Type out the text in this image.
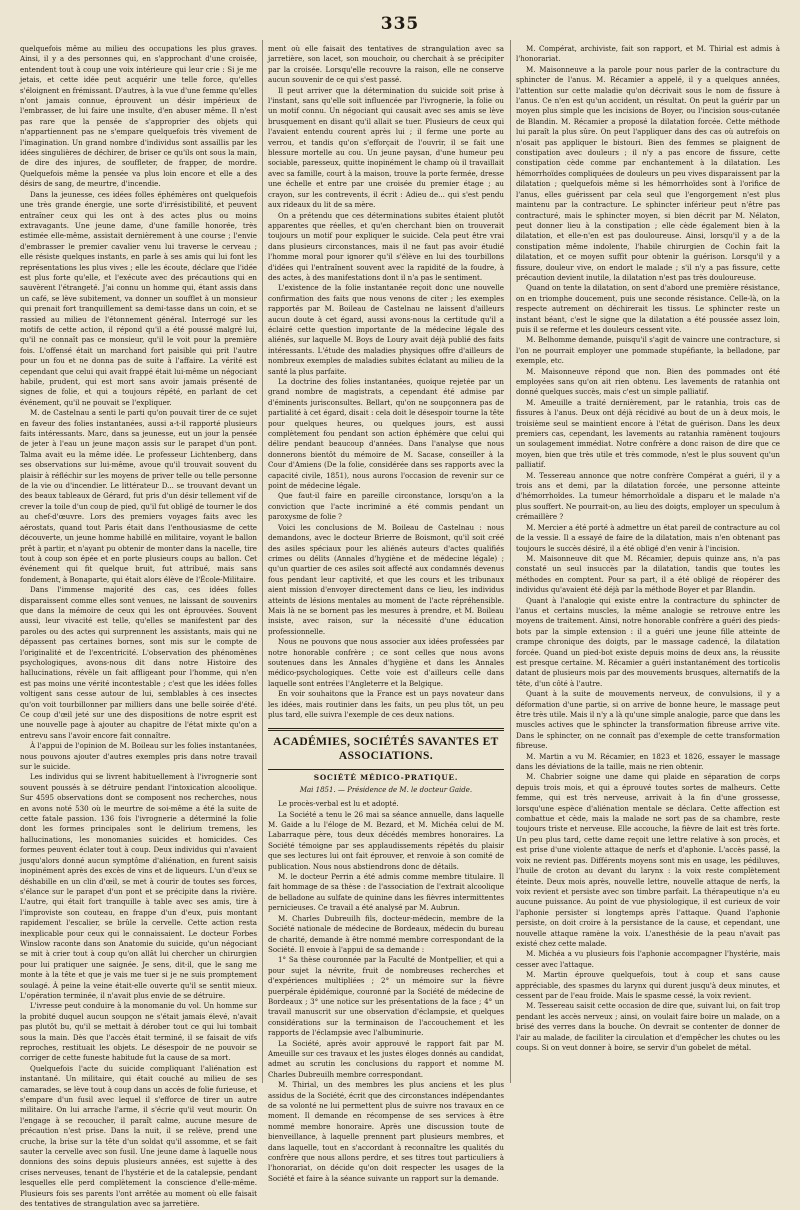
335

quelquefois même au milieu des occupations les plus graves. Ainsi, il y a des personnes qui, en s'approchant d'une croisée, entendent tout à coup une voix intérieure qui leur crie : Si je me jetais, et cette idée peut acquérir une telle force, qu'elles s'éloignent en frémissant. D'autres, à la vue d'une femme qu'elles n'ont jamais connue, éprouvent un désir impérieux de l'embrasser, de lui faire une insulte, d'en abuser même. Il n'est pas rare que la pensée de s'approprier des objets qui n'appartiennent pas ne s'empare quelquefois très vivement de l'imagination. Un grand nombre d'individus sont assaillis par les idées singulières de déchirer, de briser ce qu'ils ont sous la main, de dire des injures, de souffleter, de frapper, de mordre. Quelquefois même la pensée va plus loin encore et elle a des désirs de sang, de meurtre, d'incendie.

Dans la jeunesse, ces idées folles éphémères ont quelquefois une très grande énergie, une sorte d'irrésistibilité, et peuvent entraîner ceux qui les ont à des actes plus ou moins extravagants. Une jeune dame, d'une famille honorée, très estimée elle-même, assistait dernièrement à une course ; l'envie d'embrasser le premier cavalier venu lui traverse le cerveau ; elle résiste quelques instants, en parle à ses amis qui lui font les représentations les plus vives ; elle les écoute, déclare que l'idée est plus forte qu'elle, et l'exécute avec des précautions qui en sauvèrent l'étrangeté. J'ai connu un homme qui, étant assis dans un café, se lève subitement, va donner un soufflet à un monsieur qui prenait fort tranquillement sa demi-tasse dans un coin, et se rassied au milieu de l'étonnement général. Interrogé sur les motifs de cette action, il répond qu'il a été poussé malgré lui, qu'il ne connaît pas ce monsieur, qu'il le voit pour la première fois. L'offensé était un marchand fort paisible qui prit l'autre pour un fou et ne donna pas de suite à l'affaire. La vérité est cependant que celui qui avait frappé était lui-même un négociant habile, prudent, qui est mort sans avoir jamais présenté de signes de folie, et qui a toujours répété, en parlant de cet événement, qu'il ne pouvait se l'expliquer.

M. de Castelnau a senti le parti qu'on pouvait tirer de ce sujet en faveur des folies instantanées, aussi a-t-il rapporté plusieurs faits intéressants. Marc, dans sa jeunesse, eut un jour la pensée de jeter à l'eau un jeune maçon assis sur le parapet d'un pont. Talma avait eu la même idée. Le professeur Lichtenberg, dans ses observations sur lui-même, avoue qu'il trouvait souvent du plaisir à réfléchir sur les moyens de priver telle ou telle personne de la vie ou d'incendier. Le littérateur D... se trouvant devant un des beaux tableaux de Gérard, fut pris d'un désir tellement vif de crever la toile d'un coup de pied, qu'il fut obligé de tourner le dos au chef-d'œuvre. Lors des premiers voyages faits avec les aérostats, quand tout Paris était dans l'enthousiasme de cette découverte, un jeune homme habillé en militaire, voyant le ballon prêt à partir, et n'ayant pu obtenir de monter dans la nacelle, tire tout à coup son épée et en porte plusieurs coups au ballon. Cet événement qui fit quelque bruit, fut attribué, mais sans fondement, à Bonaparte, qui était alors élève de l'École-Militaire.

Dans l'immense majorité des cas, ces idées folles disparaissent comme elles sont venues, ne laissant de souvenirs que dans la mémoire de ceux qui les ont éprouvées. Souvent aussi, leur vivacité est telle, qu'elles se manifestent par des paroles ou des actes qui surprennent les assistants, mais qui ne dépassent pas certaines bornes, sont mis sur le compte de l'originalité et de l'excentricité. L'observation des phénomènes psychologiques, avons-nous dit dans notre Histoire des hallucinations, révèle un fait affligeant pour l'homme, qui n'en est pas moins une vérité incontestable ; c'est que les idées folles voltigent sans cesse autour de lui, semblables à ces insectes qu'on voit tourbillonner par milliers dans une belle soirée d'été. Ce coup d'œil jeté sur une des dispositions de notre esprit est une nouvelle page à ajouter au chapitre de l'état mixte qu'on a entrevu sans l'avoir encore fait connaître.

À l'appui de l'opinion de M. Boileau sur les folies instantanées, nous pouvons ajouter d'autres exemples pris dans notre travail sur le suicide.

Les individus qui se livrent habituellement à l'ivrognerie sont souvent poussés à se détruire pendant l'intoxication alcoolique. Sur 4595 observations dont se composent nos recherches, nous en avons noté 530 où le meurtre de soi-même a été la suite de cette fatale passion. 136 fois l'ivrognerie a déterminé la folie dont les formes principales sont le delirium tremens, les hallucinations, les monomanies suicides et homicides. Ces formes peuvent éclater tout à coup. Deux individus qui n'avaient jusqu'alors donné aucun symptôme d'aliénation, en furent saisis inopinément après des excès de vins et de liqueurs. L'un d'eux se déshabille en un clin d'œil, se met à courir de toutes ses forces, s'élance sur le parapet d'un pont et se précipite dans la rivière. L'autre, qui était fort tranquille à table avec ses amis, tire à l'improviste son couteau, en frappe d'un d'eux, puis montant rapidement l'escalier, se brûle la cervelle. Cette action resta inexplicable pour ceux qui le connaissaient. Le docteur Forbes Winslow raconte dans son Anatomie du suicide, qu'un négociant se mit à crier tout à coup qu'on allât lui chercher un chirurgien pour lui pratiquer une saignée. Je sens, dit-il, que le sang me monte à la tête et que je vais me tuer si je ne suis promptement soulagé. À peine la veine était-elle ouverte qu'il se sentit mieux. L'opération terminée, il n'avait plus envie de se détruire.

L'ivresse peut conduire à la monomanie du vol. Un homme sur la probité duquel aucun soupçon ne s'était jamais élevé, n'avait pas plutôt bu, qu'il se mettait à dérober tout ce qui lui tombait sous la main. Dès que l'accès était terminé, il se faisait de vifs reproches, restituait les objets. Le désespoir de ne pouvoir se corriger de cette funeste habitude fut la cause de sa mort.

Quelquefois l'acte du suicide compliquant l'aliénation est instantané. Un militaire, qui était couché au milieu de ses camarades, se lève tout à coup dans un accès de folie furieuse, et s'empare d'un fusil avec lequel il s'efforce de tirer un autre militaire. On lui arrache l'arme, il s'écrie qu'il veut mourir. On l'engage à se recoucher, il paraît calme, aucune mesure de précaution n'est prise. Dans la nuit, il se relève, prend une cruche, la brise sur la tête d'un soldat qu'il assomme, et se fait sauter la cervelle avec son fusil. Une jeune dame à laquelle nous donnions des soins depuis plusieurs années, est sujette à des crises nerveuses, tenant de l'hystérie et de la catalepsie, pendant lesquelles elle perd complètement la conscience d'elle-même. Plusieurs fois ses parents l'ont arrêtée au moment où elle faisait des tentatives de strangulation avec sa jarretière.

ment où elle faisait des tentatives de strangulation avec sa jarretière, son lacet, son mouchoir, ou cherchait à se précipiter par la croisée. Lorsqu'elle recouvre la raison, elle ne conserve aucun souvenir de ce qui s'est passé.

Il peut arriver que la détermination du suicide soit prise à l'instant, sans qu'elle soit influencée par l'ivrognerie, la folie ou un motif connu. Un négociant qui causait avec ses amis se lève brusquement en disant qu'il allait se tuer. Plusieurs de ceux qui l'avaient entendu courent après lui ; il ferme une porte au verrou, et tandis qu'on s'efforçait de l'ouvrir, il se fait une blessure mortelle au cou. Un jeune paysan, d'une humeur peu sociable, paresseux, quitte inopinément le champ où il travaillait avec sa famille, court à la maison, trouve la porte fermée, dresse une échelle et entre par une croisée du premier étage ; au crayon, sur les contrevents, il écrit : Adieu de... qui s'est pendu aux rideaux du lit de sa mère.

On a prétendu que ces déterminations subites étaient plutôt apparentes que réelles, et qu'en cherchant bien on trouverait toujours un motif pour expliquer le suicide. Cela peut être vrai dans plusieurs circonstances, mais il ne faut pas avoir étudié l'homme moral pour ignorer qu'il s'élève en lui des tourbillons d'idées qui l'entraînent souvent avec la rapidité de la foudre, à des actes, à des manifestations dont il n'a pas le sentiment.

L'existence de la folie instantanée reçoit donc une nouvelle confirmation des faits que nous venons de citer ; les exemples rapportés par M. Boileau de Castelnau ne laissent d'ailleurs aucun doute à cet égard, aussi avons-nous la certitude qu'il a éclairé cette question importante de la médecine légale des aliénés, sur laquelle M. Boys de Loury avait déjà publié des faits intéressants. L'étude des maladies physiques offre d'ailleurs de nombreux exemples de maladies subites éclatant au milieu de la santé la plus parfaite.

La doctrine des folies instantanées, quoique rejetée par un grand nombre de magistrats, a cependant été admise par d'éminents jurisconsultes. Bellart, qu'on ne soupçonnera pas de partialité à cet égard, disait : cela doit le désespoir tourne la tête pour quelques heures, ou quelques jours, est aussi complètement fou pendant son action éphémère que celui qui délire pendant beaucoup d'années. Dans l'analyse que nous donnerons bientôt du mémoire de M. Sacase, conseiller à la Cour d'Amiens (De la folie, considérée dans ses rapports avec la capacité civile, 1851), nous aurons l'occasion de revenir sur ce point de médecine légale.

Que faut-il faire en pareille circonstance, lorsqu'on a la conviction que l'acte incriminé a été commis pendant un paroxysme de folie ?

Voici les conclusions de M. Boileau de Castelnau : nous demandons, avec le docteur Brierre de Boismont, qu'il soit créé des asiles spéciaux pour les aliénés auteurs d'actes qualifiés crimes ou délits (Annales d'hygiène et de médecine légale) ; qu'un quartier de ces asiles soit affecté aux condamnés devenus fous pendant leur captivité, et que les cours et les tribunaux aient mission d'envoyer directement dans ce lieu, les individus atteints de lésions mentales au moment de l'acte répréhensible. Mais là ne se bornent pas les mesures à prendre, et M. Boileau insiste, avec raison, sur la nécessité d'une éducation professionnelle.

Nous ne pouvons que nous associer aux idées professées par notre honorable confrère ; ce sont celles que nous avons soutenues dans les Annales d'hygiène et dans les Annales médico-psychologiques. Cette voie est d'ailleurs celle dans laquelle sont entrées l'Angleterre et la Belgique.

En voir souhaitons que la France est un pays novateur dans les idées, mais routinier dans les faits, un peu plus tôt, un peu plus tard, elle suivra l'exemple de ces deux nations.

ACADÉMIES, SOCIÉTÉS SAVANTES ET ASSOCIATIONS.
SOCIÉTÉ MÉDICO-PRATIQUE.
Mai 1851. — Présidence de M. le docteur Gaide.

Le procès-verbal est lu et adopté.

La Société a tenu le 26 mai sa séance annuelle, dans laquelle M. Gaide a lu l'éloge de M. Bezard, et M. Michéa celui de M. Labarraque père, tous deux décédés membres honoraires. La Société témoigne par ses applaudissements répétés du plaisir que ses lectures lui ont fait éprouver, et renvoie à son comité de publication. Nous nous abstiendrons donc de détails.

M. le docteur Perrin a été admis comme membre titulaire. Il fait hommage de sa thèse : de l'association de l'extrait alcoolique de belladone au sulfate de quinine dans les fièvres intermittentes pernicieuses. Ce travail a été analysé par M. Aubrun.

M. Charles Dubreuilh fils, docteur-médecin, membre de la Société nationale de médecine de Bordeaux, médecin du bureau de charité, demande à être nommé membre correspondant de la Société. Il envoie à l'appui de sa demande :

1° Sa thèse couronnée par la Faculté de Montpellier, et qui a pour sujet la névrite, fruit de nombreuses recherches et d'expériences multipliées ; 2° un mémoire sur la fièvre puerpérale épidémique, couronné par la Société de médecine de Bordeaux ; 3° une notice sur les présentations de la face ; 4° un travail manuscrit sur une observation d'éclampsie, et quelques considérations sur la terminaison de l'accouchement et les rapports de l'éclampsie avec l'albuminurie.

La Société, après avoir approuvé le rapport fait par M. Ameuille sur ces travaux et les justes éloges donnés au candidat, admet au scrutin les conclusions du rapport et nomme M. Charles Dubreuilh membre correspondant.

M. Thirial, un des membres les plus anciens et les plus assidus de la Société, écrit que des circonstances indépendantes de sa volonté ne lui permettent plus de suivre nos travaux en ce moment. Il demande en récompense de ses services à être nommé membre honoraire. Après une discussion toute de bienveillance, à laquelle prennent part plusieurs membres, et dans laquelle, tout en s'accordant à reconnaître les qualités du confrère que nous allons perdre, et ses titres tout particuliers à l'honorariat, on décide qu'on doit respecter les usages de la Société et faire à la séance suivante un rapport sur la demande.

M. Compérat, archiviste, fait son rapport, et M. Thirial est admis à l'honorariat.

M. Maisonneuve a la parole pour nous parler de la contracture du sphincter de l'anus. M. Récamier a appelé, il y a quelques années, l'attention sur cette maladie qu'on décrivait sous le nom de fissure à l'anus. Ce n'en est qu'un accident, un résultat. On peut la guérir par un moyen plus simple que les incisions de Boyer, ou l'incision sous-cutanée de Blandin. M. Récamier a proposé la dilatation forcée. Cette méthode lui paraît la plus sûre. On peut l'appliquer dans des cas où autrefois on n'osait pas appliquer le bistouri. Bien des femmes se plaignent de constipation avec douleurs ; il n'y a pas encore de fissure, cette constipation cède comme par enchantement à la dilatation. Les hémorrhoïdes compliquées de douleurs un peu vives disparaissent par la dilatation ; quelquefois même si les hémorrhoïdes sont à l'orifice de l'anus, elles guérissent par cela seul que l'engorgement n'est plus maintenu par la contracture. Le sphincter inférieur peut n'être pas contracturé, mais le sphincter moyen, si bien décrit par M. Nélaton, peut donner lieu à la constipation ; elle cède également bien à la dilatation, et elle-n'en est pas douloureuse. Ainsi, lorsqu'il y a de la constipation même indolente, l'habile chirurgien de Cochin fait la dilatation, et ce moyen suffit pour obtenir la guérison. Lorsqu'il y a fissure, douleur vive, on endort le malade ; s'il n'y a pas fissure, cette précaution devient inutile, la dilatation n'est pas très douloureuse.

Quand on tente la dilatation, on sent d'abord une première résistance, on en triomphe doucement, puis une seconde résistance. Celle-là, on la respecte autrement on déchirerait les tissus. Le sphincter reste un instant béant, c'est le signe que la dilatation a été poussée assez loin, puis il se referme et les douleurs cessent vite.

M. Belhomme demande, puisqu'il s'agit de vaincre une contracture, si l'on ne pourrait employer une pommade stupéfiante, la belladone, par exemple, etc.

M. Maisonneuve répond que non. Bien des pommades ont été employées sans qu'on ait rien obtenu. Les lavements de ratanhia ont donné quelques succès, mais c'est un simple palliatif.

M. Ameuille a traité dernièrement, par le ratanhia, trois cas de fissures à l'anus. Deux ont déjà récidivé au bout de un à deux mois, le troisième seul se maintient encore à l'état de guérison. Dans les deux premiers cas, cependant, les lavements au ratanhia ramènent toujours un soulagement immédiat. Notre confrère a donc raison de dire que ce moyen, bien que très utile et très commode, n'est le plus souvent qu'un palliatif.

M. Tessereau annonce que notre confrère Compérat a guéri, il y a trois ans et demi, par la dilatation forcée, une personne atteinte d'hémorrhoïdes. La tumeur hémorrhoïdale a disparu et le malade n'a plus souffert. Ne pourrait-on, au lieu des doigts, employer un speculum à crémaillère ?

M. Mercier a été porté à admettre un état pareil de contracture au col de la vessie. Il a essayé de faire de la dilatation, mais n'en obtenant pas toujours le succès désiré, il a été obligé d'en venir à l'incision.

M. Maisonneuve dit que M. Récamier, depuis quinze ans, n'a pas constaté un seul insuccès par la dilatation, tandis que toutes les méthodes en comptent. Pour sa part, il a été obligé de réopérer des individus qu'avaient été déjà par la méthode Boyer et par Blandin.

Quant à l'analogie qui existe entre la contracture du sphincter de l'anus et certains muscles, la même analogie se retrouve entre les moyens de traitement. Ainsi, notre honorable confrère a guéri des pieds-bots par la simple extension : il a guéri une jeune fille atteinte de crampe chronique des doigts, par le massage cadencé, la dilatation forcée. Quand un pied-bot existe depuis moins de deux ans, la réussite est presque certaine. M. Récamier a guéri instantanément des torticolis datant de plusieurs mois par des mouvements brusques, alternatifs de la tête, d'un côté à l'autre.

Quant à la suite de mouvements nerveux, de convulsions, il y a déformation d'une partie, si on arrive de bonne heure, le massage peut être très utile. Mais il n'y a là qu'une simple analogie, parce que dans les muscles actives que le sphincter la transformation fibreuse arrive vite. Dans le sphincter, on ne connaît pas d'exemple de cette transformation fibreuse.

M. Martin a vu M. Récamier, en 1823 et 1826, essayer le massage dans les déviations de la taille, mais ne rien obtenir.

M. Chabrier soigne une dame qui plaide en séparation de corps depuis trois mois, et qui a éprouvé toutes sortes de malheurs. Cette femme, qui est très nerveuse, arrivait à la fin d'une grossesse, lorsqu'une espèce d'aliénation mentale se déclara. Cette affection est combattue et cède, mais la malade ne sort pas de sa chambre, reste toujours triste et nerveuse. Elle accouche, la fièvre de lait est très forte. Un peu plus tard, cette dame reçoit une lettre relative à son procès, et est prise d'une violente attaque de nerfs et d'aphonie. L'accès passé, la voix ne revient pas. Différents moyens sont mis en usage, les pédiluves, l'huile de croton au devant du larynx : la voix reste complètement éteinte. Deux mois après, nouvelle lettre, nouvelle attaque de nerfs, la voix revient et persiste avec son timbre parfait. La thérapeutique n'a eu aucune puissance. Au point de vue physiologique, il est curieux de voir l'aphonie persister si longtemps après l'attaque. Quand l'aphonie persiste, on doit croire à la persistance de la cause, et cependant, une nouvelle attaque ramène la voix. L'anesthésie de la peau n'avait pas existé chez cette malade.

M. Michéa a vu plusieurs fois l'aphonie accompagner l'hystérie, mais cesser avec l'attaque.

M. Martin éprouve quelquefois, tout à coup et sans cause appréciable, des spasmes du larynx qui durent jusqu'à deux minutes, et cessent par de l'eau froide. Mais le spasme cessé, la voix revient.

M. Tessereau saisit cette occasion de dire que, suivant lui, on fait trop pendant les accès nerveux ; ainsi, on voulait faire boire un malade, on a brisé des verres dans la bouche. On devrait se contenter de donner de l'air au malade, de faciliter la circulation et d'empêcher les chutes ou les coups. Si on veut donner à boire, se servir d'un gobelet de métal.
